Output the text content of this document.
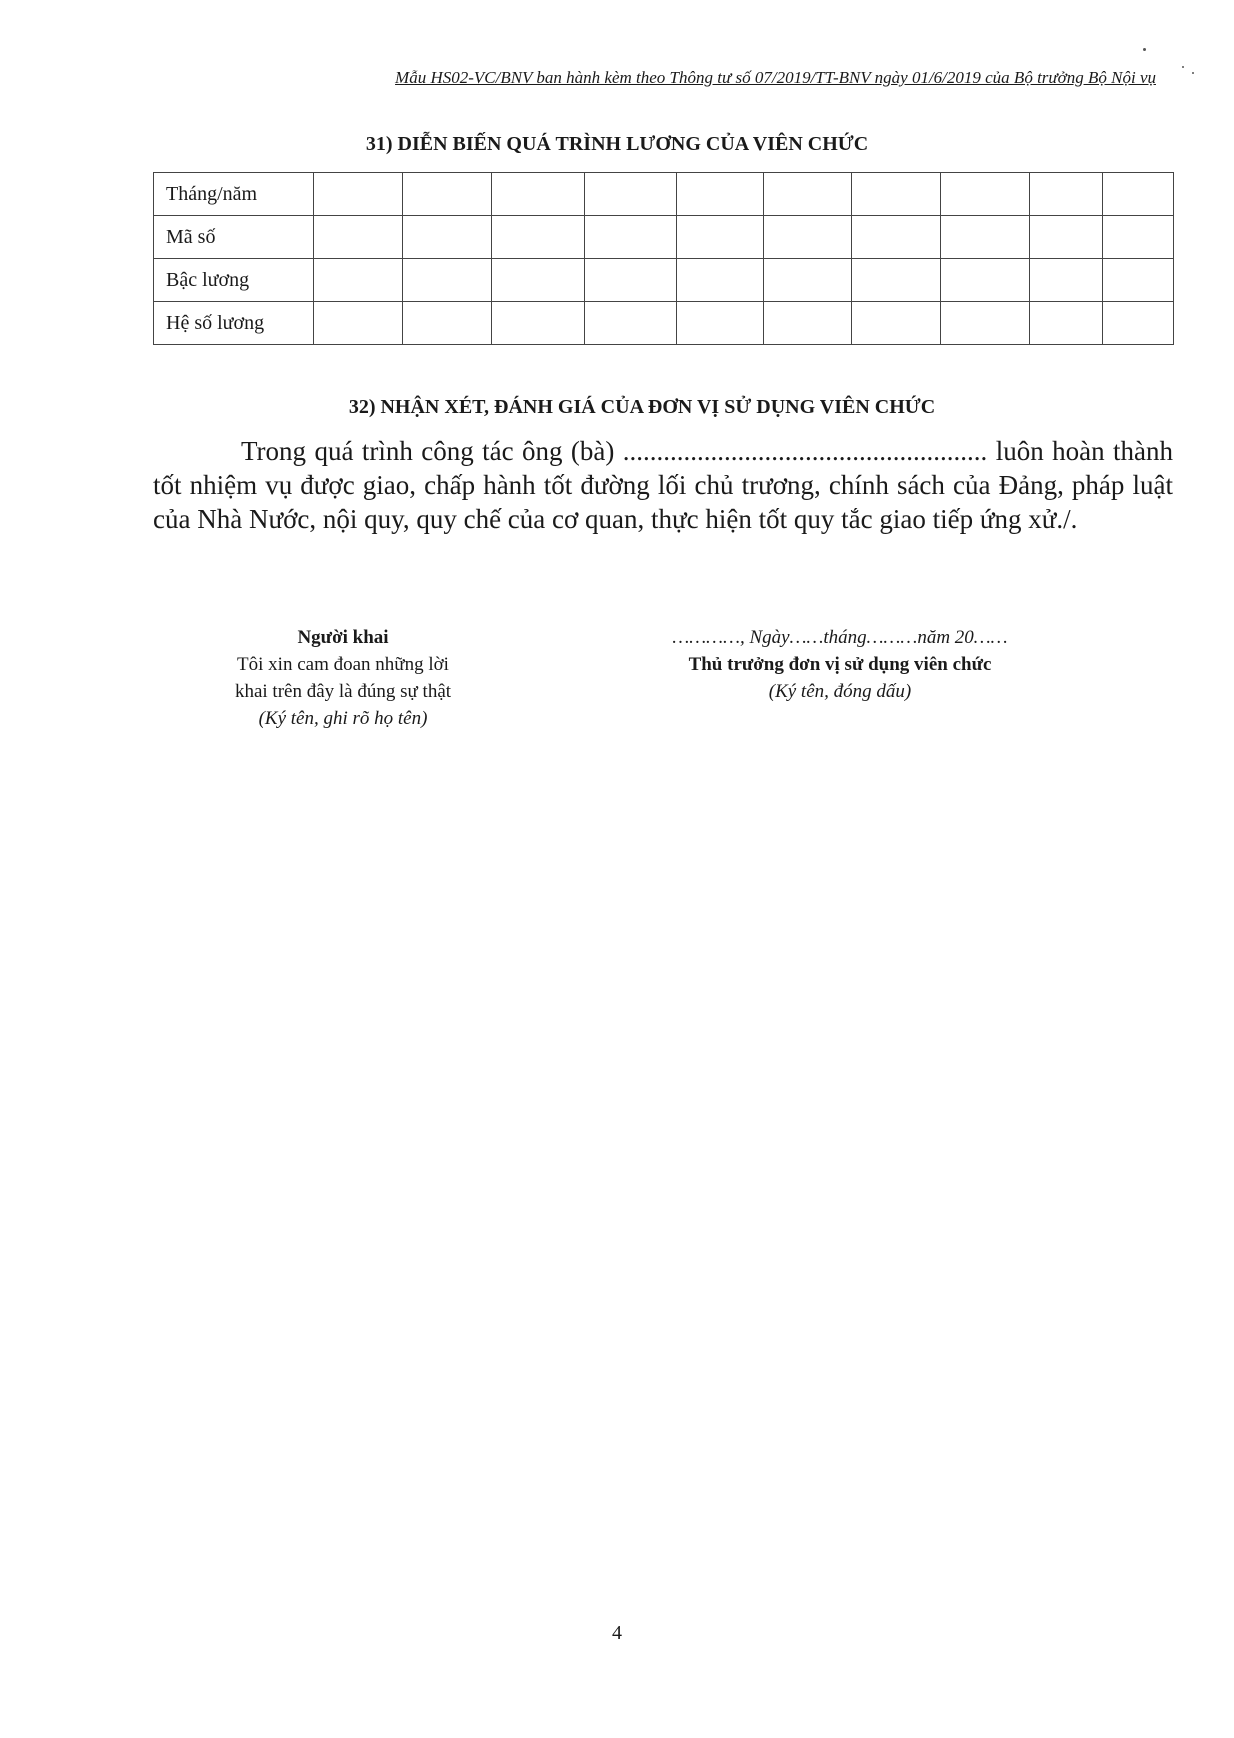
Mẫu HS02-VC/BNV ban hành kèm theo Thông tư số 07/2019/TT-BNV ngày 01/6/2019 của Bộ trưởng Bộ Nội vụ
31) DIỄN BIẾN QUÁ TRÌNH LƯƠNG CỦA VIÊN CHỨC
Tháng/năm										
Mã số										
Bậc lương										
Hệ số lương										
32) NHẬN XÉT, ĐÁNH GIÁ CỦA ĐƠN VỊ SỬ DỤNG VIÊN CHỨC

Trong quá trình công tác ông (bà) ...................................................... luôn hoàn thành tốt nhiệm vụ được giao, chấp hành tốt đường lối chủ trương, chính sách của Đảng, pháp luật của Nhà Nước, nội quy, quy chế của cơ quan, thực hiện tốt quy tắc giao tiếp ứng xử./.

Người khai
Tôi xin cam đoan những lời
khai trên đây là đúng sự thật
(Ký tên, ghi rõ họ tên)
…………, Ngày……tháng………năm 20……
Thủ trưởng đơn vị sử dụng viên chức
(Ký tên, đóng dấu)
4
